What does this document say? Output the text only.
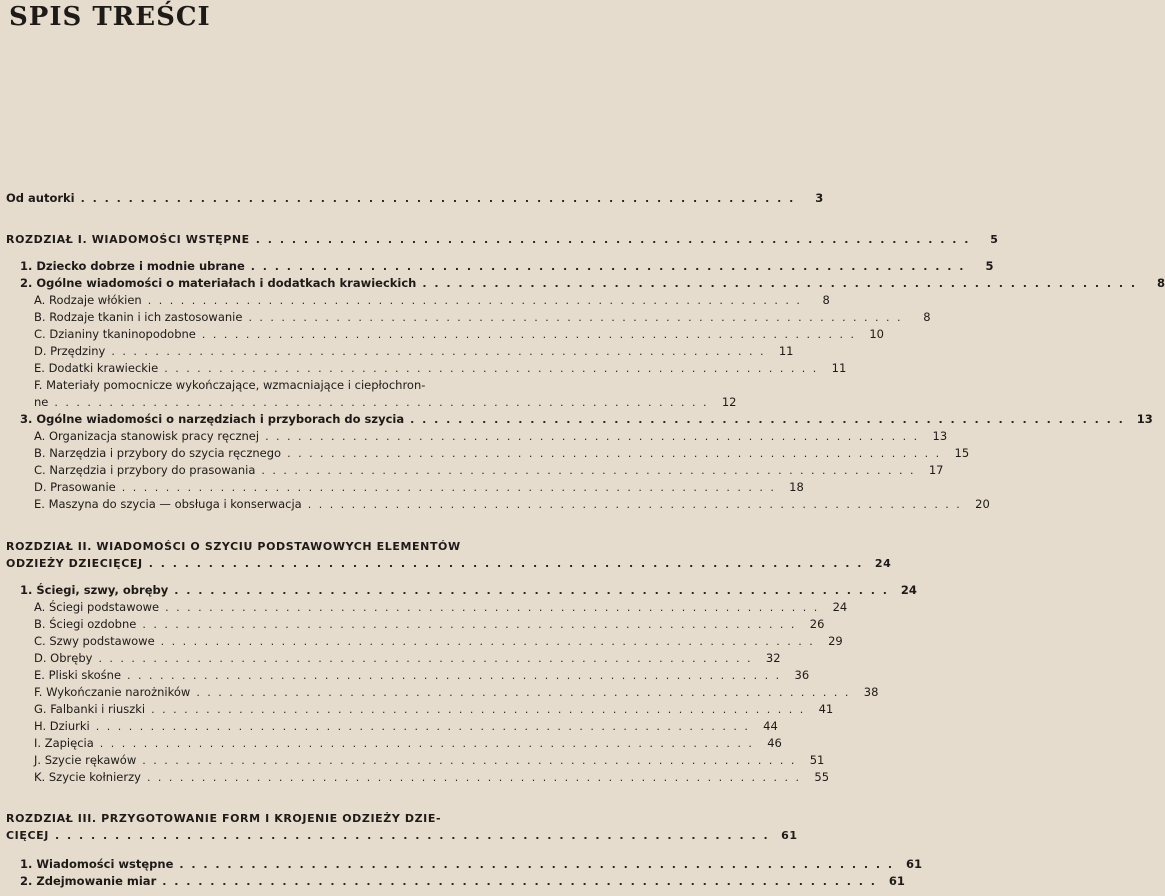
SPIS TREŚCI
Od autorki . . . . . . . . . . . . . . . . . . . . . . . . . . . . . . . . . . . . . . . . . . . . . . . . . . . . . . . . . . . .	3
ROZDZIAŁ I. WIADOMOŚCI WSTĘPNE . . . . . . . . . . . . . . . . . . . . . . . . . . . . . . . . . . . . . . . . . . . . . . . . . . . . . . . . . . . .	5
1. Dziecko dobrze i modnie ubrane . . . . . . . . . . . . . . . . . . . . . . . . . . . . . . . . . . . . . . . . . . . . . . . . . . . . . . . . . . . .	5
2. Ogólne wiadomości o materiałach i dodatkach krawieckich . . . . . . . . . . . . . . . . . . . . . . . . . . . . . . . . . . . . . . . . . . . . . . . . . . . . . . . . . . . .	8
A. Rodzaje włókien . . . . . . . . . . . . . . . . . . . . . . . . . . . . . . . . . . . . . . . . . . . . . . . . . . . . . . . . . . . .	8
B. Rodzaje tkanin i ich zastosowanie . . . . . . . . . . . . . . . . . . . . . . . . . . . . . . . . . . . . . . . . . . . . . . . . . . . . . . . . . . . .	8
C. Dzianiny tkaninopodobne . . . . . . . . . . . . . . . . . . . . . . . . . . . . . . . . . . . . . . . . . . . . . . . . . . . . . . . . . . . .	10
D. Przędziny . . . . . . . . . . . . . . . . . . . . . . . . . . . . . . . . . . . . . . . . . . . . . . . . . . . . . . . . . . . .	11
E. Dodatki krawieckie . . . . . . . . . . . . . . . . . . . . . . . . . . . . . . . . . . . . . . . . . . . . . . . . . . . . . . . . . . . .	11
F. Materiały pomocnicze wykończające, wzmacniające i ciepłochron-
ne . . . . . . . . . . . . . . . . . . . . . . . . . . . . . . . . . . . . . . . . . . . . . . . . . . . . . . . . . . . .	12
3. Ogólne wiadomości o narzędziach i przyborach do szycia . . . . . . . . . . . . . . . . . . . . . . . . . . . . . . . . . . . . . . . . . . . . . . . . . . . . . . . . . . . .	13
A. Organizacja stanowisk pracy ręcznej . . . . . . . . . . . . . . . . . . . . . . . . . . . . . . . . . . . . . . . . . . . . . . . . . . . . . . . . . . . .	13
B. Narzędzia i przybory do szycia ręcznego . . . . . . . . . . . . . . . . . . . . . . . . . . . . . . . . . . . . . . . . . . . . . . . . . . . . . . . . . . . .	15
C. Narzędzia i przybory do prasowania . . . . . . . . . . . . . . . . . . . . . . . . . . . . . . . . . . . . . . . . . . . . . . . . . . . . . . . . . . . .	17
D. Prasowanie . . . . . . . . . . . . . . . . . . . . . . . . . . . . . . . . . . . . . . . . . . . . . . . . . . . . . . . . . . . .	18
E. Maszyna do szycia — obsługa i konserwacja . . . . . . . . . . . . . . . . . . . . . . . . . . . . . . . . . . . . . . . . . . . . . . . . . . . . . . . . . . . .	20
ROZDZIAŁ II. WIADOMOŚCI O SZYCIU PODSTAWOWYCH ELEMENTÓW
ODZIEŻY DZIECIĘCEJ . . . . . . . . . . . . . . . . . . . . . . . . . . . . . . . . . . . . . . . . . . . . . . . . . . . . . . . . . . . .	24
1. Ściegi, szwy, obręby . . . . . . . . . . . . . . . . . . . . . . . . . . . . . . . . . . . . . . . . . . . . . . . . . . . . . . . . . . . .	24
A. Ściegi podstawowe . . . . . . . . . . . . . . . . . . . . . . . . . . . . . . . . . . . . . . . . . . . . . . . . . . . . . . . . . . . .	24
B. Ściegi ozdobne . . . . . . . . . . . . . . . . . . . . . . . . . . . . . . . . . . . . . . . . . . . . . . . . . . . . . . . . . . . .	26
C. Szwy podstawowe . . . . . . . . . . . . . . . . . . . . . . . . . . . . . . . . . . . . . . . . . . . . . . . . . . . . . . . . . . . .	29
D. Obręby . . . . . . . . . . . . . . . . . . . . . . . . . . . . . . . . . . . . . . . . . . . . . . . . . . . . . . . . . . . .	32
E. Pliski skośne . . . . . . . . . . . . . . . . . . . . . . . . . . . . . . . . . . . . . . . . . . . . . . . . . . . . . . . . . . . .	36
F. Wykończanie narożników . . . . . . . . . . . . . . . . . . . . . . . . . . . . . . . . . . . . . . . . . . . . . . . . . . . . . . . . . . . .	38
G. Falbanki i riuszki . . . . . . . . . . . . . . . . . . . . . . . . . . . . . . . . . . . . . . . . . . . . . . . . . . . . . . . . . . . .	41
H. Dziurki . . . . . . . . . . . . . . . . . . . . . . . . . . . . . . . . . . . . . . . . . . . . . . . . . . . . . . . . . . . .	44
I. Zapięcia . . . . . . . . . . . . . . . . . . . . . . . . . . . . . . . . . . . . . . . . . . . . . . . . . . . . . . . . . . . .	46
J. Szycie rękawów . . . . . . . . . . . . . . . . . . . . . . . . . . . . . . . . . . . . . . . . . . . . . . . . . . . . . . . . . . . .	51
K. Szycie kołnierzy . . . . . . . . . . . . . . . . . . . . . . . . . . . . . . . . . . . . . . . . . . . . . . . . . . . . . . . . . . . .	55
ROZDZIAŁ III. PRZYGOTOWANIE FORM I KROJENIE ODZIEŻY DZIE-
CIĘCEJ . . . . . . . . . . . . . . . . . . . . . . . . . . . . . . . . . . . . . . . . . . . . . . . . . . . . . . . . . . . .	61
1. Wiadomości wstępne . . . . . . . . . . . . . . . . . . . . . . . . . . . . . . . . . . . . . . . . . . . . . . . . . . . . . . . . . . . .	61
2. Zdejmowanie miar . . . . . . . . . . . . . . . . . . . . . . . . . . . . . . . . . . . . . . . . . . . . . . . . . . . . . . . . . . . .	61
